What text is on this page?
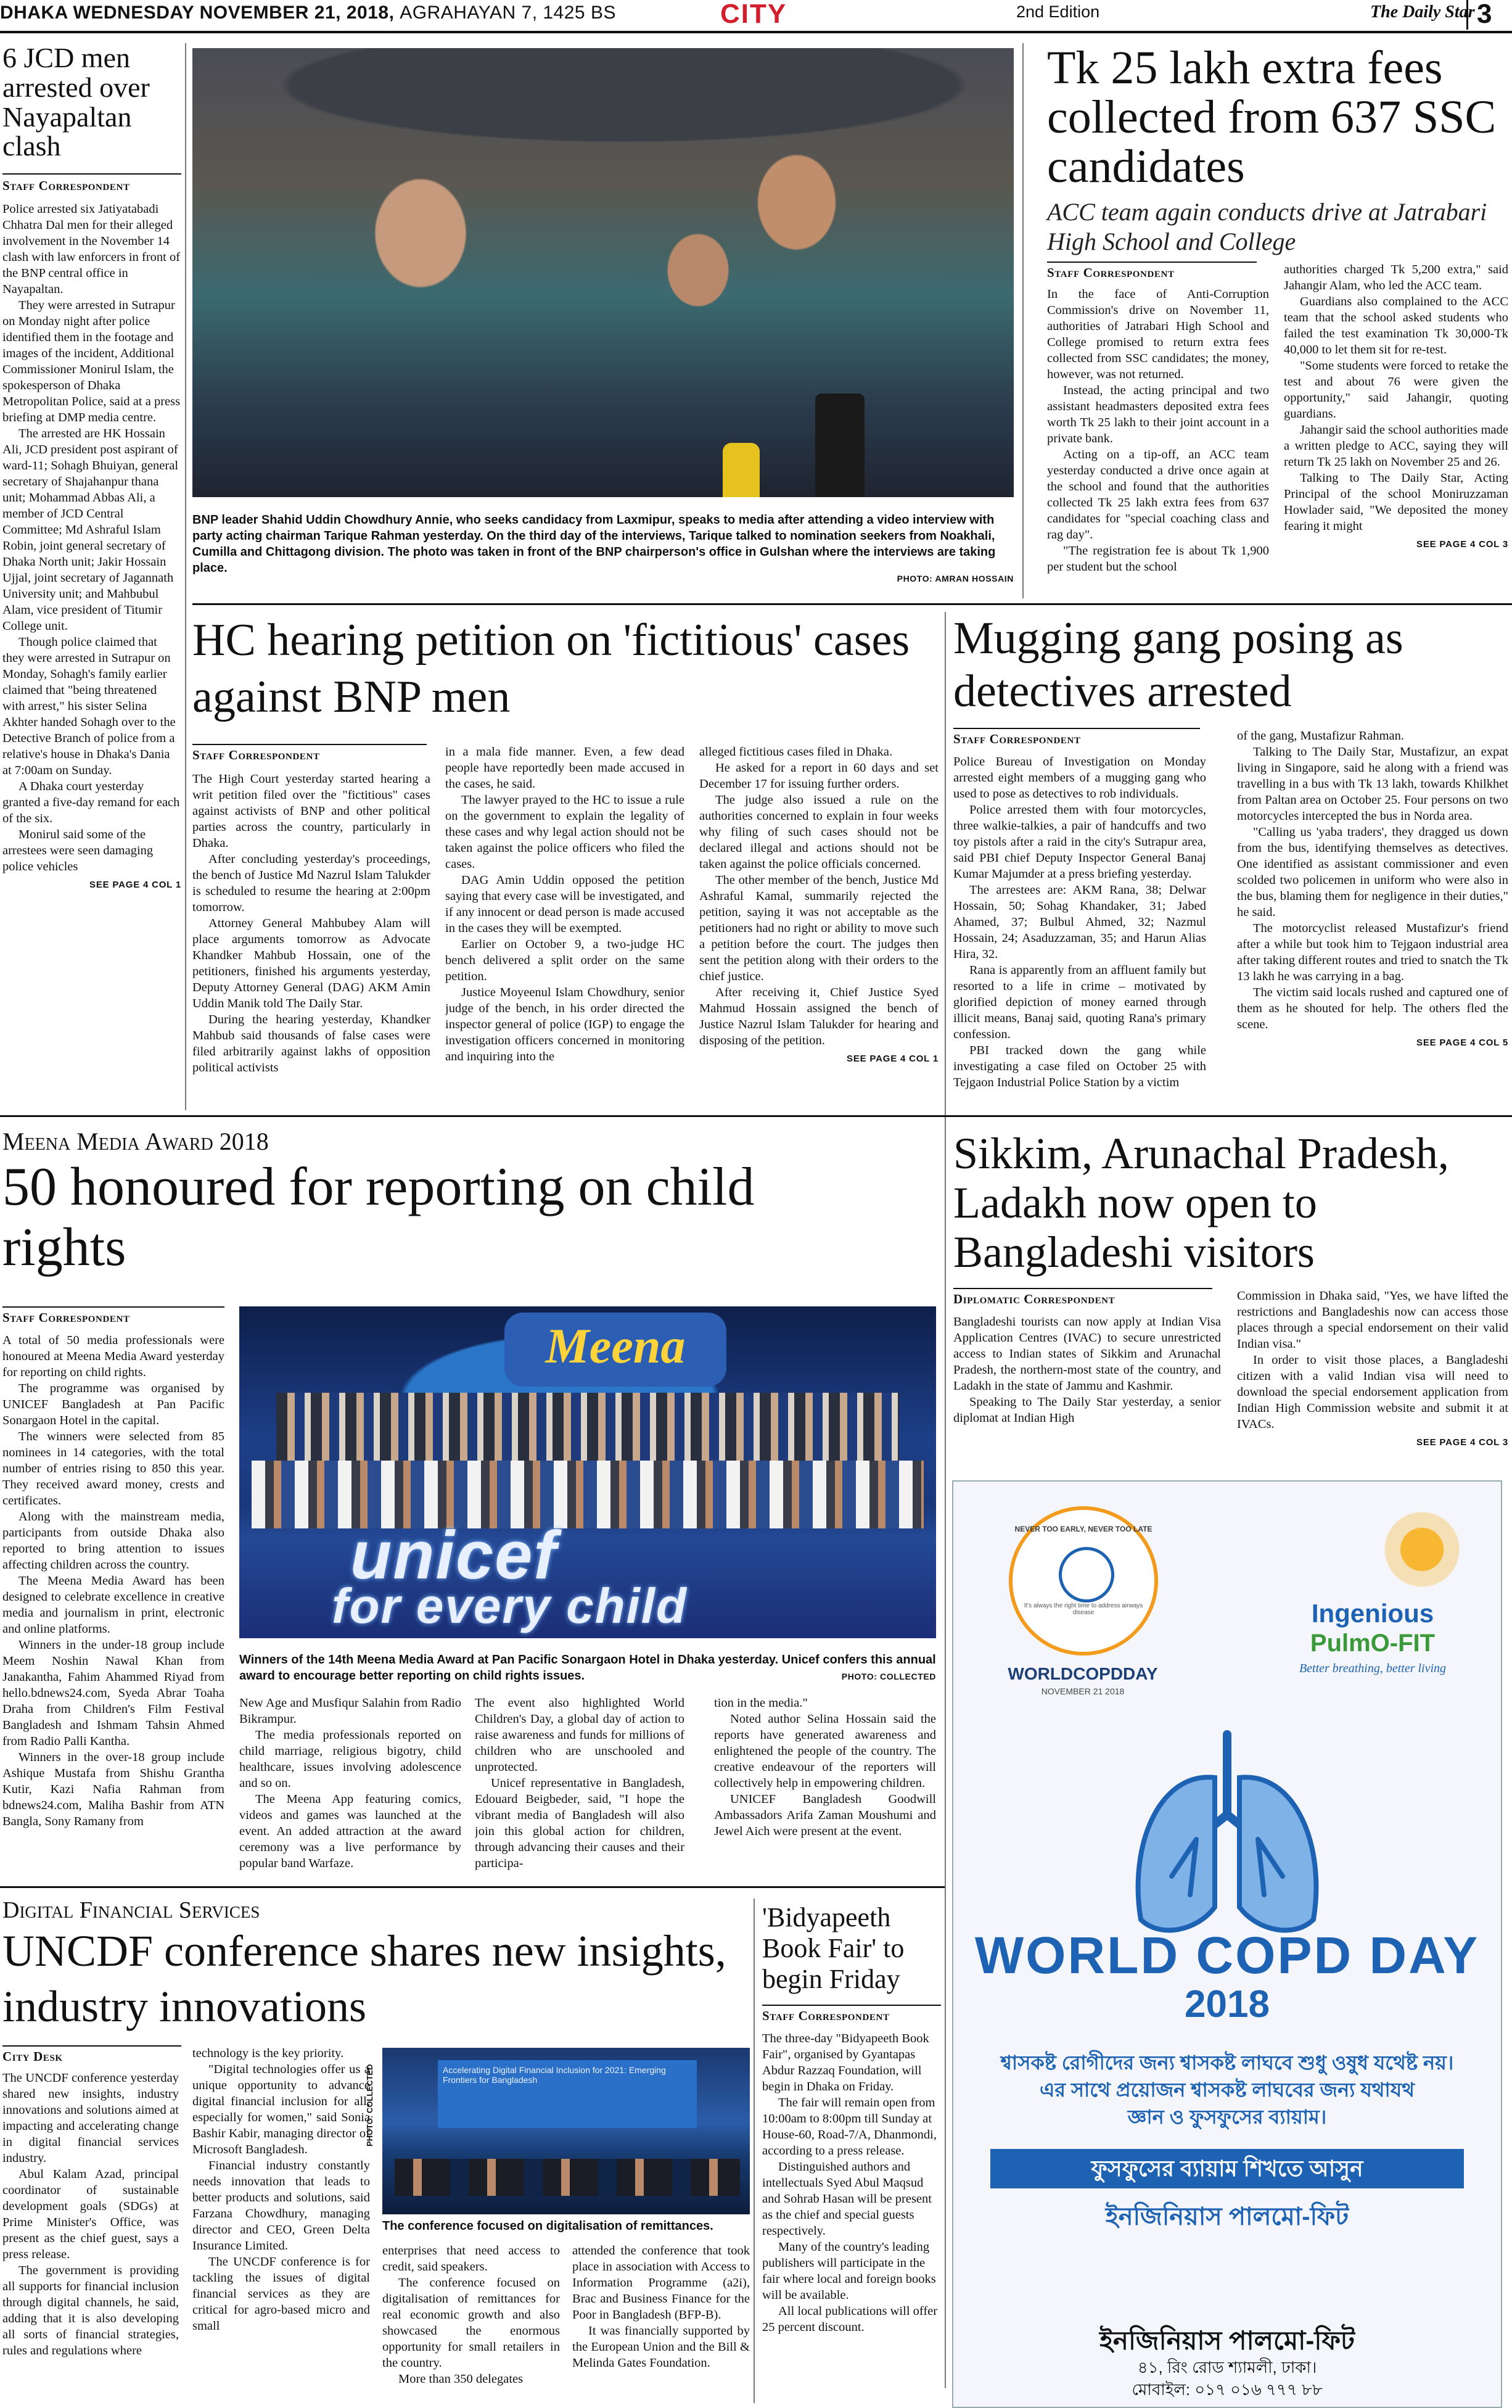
DHAKA WEDNESDAY NOVEMBER 21, 2018, AGRAHAYAN 7, 1425 BS	CITY	2nd Edition	The Daily Star 3
6 JCD men arrested over Nayapaltan clash
Staff Correspondent

Police arrested six Jatiyatabadi Chhatra Dal men for their alleged involvement in the November 14 clash with law enforcers in front of the BNP central office in Nayapaltan.

They were arrested in Sutrapur on Monday night after police identified them in the footage and images of the incident, Additional Commissioner Monirul Islam, the spokesperson of Dhaka Metropolitan Police, said at a press briefing at DMP media centre.

The arrested are HK Hossain Ali, JCD president post aspirant of ward-11; Sohagh Bhuiyan, general secretary of Shajahanpur thana unit; Mohammad Abbas Ali, a member of JCD Central Committee; Md Ashraful Islam Robin, joint general secretary of Dhaka North unit; Jakir Hossain Ujjal, joint secretary of Jagannath University unit; and Mahbubul Alam, vice president of Titumir College unit.

Though police claimed that they were arrested in Sutrapur on Monday, Sohagh's family earlier claimed that "being threatened with arrest," his sister Selina Akhter handed Sohagh over to the Detective Branch of police from a relative's house in Dhaka's Dania at 7:00am on Sunday.

A Dhaka court yesterday granted a five-day remand for each of the six.

Monirul said some of the arrestees were seen damaging police vehicles

SEE PAGE 4 COL 1
BNP leader Shahid Uddin Chowdhury Annie, who seeks candidacy from Laxmipur, speaks to media after attending a video interview with party acting chairman Tarique Rahman yesterday. On the third day of the interviews, Tarique talked to nomination seekers from Noakhali, Cumilla and Chittagong division. The photo was taken in front of the BNP chairperson's office in Gulshan where the interviews are taking place.
PHOTO: AMRAN HOSSAIN
Tk 25 lakh extra fees collected from 637 SSC candidates
ACC team again conducts drive at Jatrabari High School and College
Staff Correspondent

In the face of Anti-Corruption Commission's drive on November 11, authorities of Jatrabari High School and College promised to return extra fees collected from SSC candidates; the money, however, was not returned.

Instead, the acting principal and two assistant headmasters deposited extra fees worth Tk 25 lakh to their joint account in a private bank.

Acting on a tip-off, an ACC team yesterday conducted a drive once again at the school and found that the authorities collected Tk 25 lakh extra fees from 637 candidates for "special coaching class and rag day".

"The registration fee is about Tk 1,900 per student but the school

authorities charged Tk 5,200 extra," said Jahangir Alam, who led the ACC team.

Guardians also complained to the ACC team that the school asked students who failed the test examination Tk 30,000-Tk 40,000 to let them sit for re-test.

"Some students were forced to retake the test and about 76 were given the opportunity," said Jahangir, quoting guardians.

Jahangir said the school authorities made a written pledge to ACC, saying they will return Tk 25 lakh on November 25 and 26.

Talking to The Daily Star, Acting Principal of the school Moniruzzaman Howlader said, "We deposited the money fearing it might

SEE PAGE 4 COL 3
HC hearing petition on 'fictitious' cases against BNP men
Staff Correspondent

The High Court yesterday started hearing a writ petition filed over the "fictitious" cases against activists of BNP and other political parties across the country, particularly in Dhaka.

After concluding yesterday's proceedings, the bench of Justice Md Nazrul Islam Talukder is scheduled to resume the hearing at 2:00pm tomorrow.

Attorney General Mahbubey Alam will place arguments tomorrow as Advocate Khandker Mahbub Hossain, one of the petitioners, finished his arguments yesterday, Deputy Attorney General (DAG) AKM Amin Uddin Manik told The Daily Star.

During the hearing yesterday, Khandker Mahbub said thousands of false cases were filed arbitrarily against lakhs of opposition political activists

in a mala fide manner. Even, a few dead people have reportedly been made accused in the cases, he said.

The lawyer prayed to the HC to issue a rule on the government to explain the legality of these cases and why legal action should not be taken against the police officers who filed the cases.

DAG Amin Uddin opposed the petition saying that every case will be investigated, and if any innocent or dead person is made accused in the cases they will be exempted.

Earlier on October 9, a two-judge HC bench delivered a split order on the same petition.

Justice Moyeenul Islam Chowdhury, senior judge of the bench, in his order directed the inspector general of police (IGP) to engage the investigation officers concerned in monitoring and inquiring into the

alleged fictitious cases filed in Dhaka.

He asked for a report in 60 days and set December 17 for issuing further orders.

The judge also issued a rule on the authorities concerned to explain in four weeks why filing of such cases should not be declared illegal and actions should not be taken against the police officials concerned.

The other member of the bench, Justice Md Ashraful Kamal, summarily rejected the petition, saying it was not acceptable as the petitioners had no right or ability to move such a petition before the court. The judges then sent the petition along with their orders to the chief justice.

After receiving it, Chief Justice Syed Mahmud Hossain assigned the bench of Justice Nazrul Islam Talukder for hearing and disposing of the petition.

SEE PAGE 4 COL 1
Mugging gang posing as detectives arrested
Staff Correspondent

Police Bureau of Investigation on Monday arrested eight members of a mugging gang who used to pose as detectives to rob individuals.

Police arrested them with four motorcycles, three walkie-talkies, a pair of handcuffs and two toy pistols after a raid in the city's Sutrapur area, said PBI chief Deputy Inspector General Banaj Kumar Majumder at a press briefing yesterday.

The arrestees are: AKM Rana, 38; Delwar Hossain, 50; Sohag Khandaker, 31; Jabed Ahamed, 37; Bulbul Ahmed, 32; Nazmul Hossain, 24; Asaduzzaman, 35; and Harun Alias Hira, 32.

Rana is apparently from an affluent family but resorted to a life in crime – motivated by glorified depiction of money earned through illicit means, Banaj said, quoting Rana's primary confession.

PBI tracked down the gang while investigating a case filed on October 25 with Tejgaon Industrial Police Station by a victim

of the gang, Mustafizur Rahman.

Talking to The Daily Star, Mustafizur, an expat living in Singapore, said he along with a friend was travelling in a bus with Tk 13 lakh, towards Khilkhet from Paltan area on October 25. Four persons on two motorcycles intercepted the bus in Norda area.

"Calling us 'yaba traders', they dragged us down from the bus, identifying themselves as detectives. One identified as assistant commissioner and even scolded two policemen in uniform who were also in the bus, blaming them for negligence in their duties," he said.

The motorcyclist released Mustafizur's friend after a while but took him to Tejgaon industrial area after taking different routes and tried to snatch the Tk 13 lakh he was carrying in a bag.

The victim said locals rushed and captured one of them as he shouted for help. The others fled the scene.

SEE PAGE 4 COL 5
Meena Media Award 2018
50 honoured for reporting on child rights
Staff Correspondent

A total of 50 media professionals were honoured at Meena Media Award yesterday for reporting on child rights.

The programme was organised by UNICEF Bangladesh at Pan Pacific Sonargaon Hotel in the capital.

The winners were selected from 85 nominees in 14 categories, with the total number of entries rising to 850 this year. They received award money, crests and certificates.

Along with the mainstream media, participants from outside Dhaka also reported to bring attention to issues affecting children across the country.

The Meena Media Award has been designed to celebrate excellence in creative media and journalism in print, electronic and online platforms.

Winners in the under-18 group include Meem Noshin Nawal Khan from Janakantha, Fahim Ahammed Riyad from hello.bdnews24.com, Syeda Abrar Toaha Draha from Children's Film Festival Bangladesh and Ishmam Tahsin Ahmed from Radio Palli Kantha.

Winners in the over-18 group include Ashique Mustafa from Shishu Grantha Kutir, Kazi Nafia Rahman from bdnews24.com, Maliha Bashir from ATN Bangla, Sony Ramany from

Meena
unicef
for every child
Winners of the 14th Meena Media Award at Pan Pacific Sonargaon Hotel in Dhaka yesterday. Unicef confers this annual award to encourage better reporting on child rights issues.	PHOTO: COLLECTED

New Age and Musfiqur Salahin from Radio Bikrampur.

The media professionals reported on child marriage, religious bigotry, child healthcare, issues involving adolescence and so on.

The Meena App featuring comics, videos and games was launched at the event. An added attraction at the award ceremony was a live performance by popular band Warfaze.

The event also highlighted World Children's Day, a global day of action to raise awareness and funds for millions of children who are unschooled and unprotected.

Unicef representative in Bangladesh, Edouard Beigbeder, said, "I hope the vibrant media of Bangladesh will also join this global action for children, through advancing their causes and their participa-

tion in the media."

Noted author Selina Hossain said the reports have generated awareness and enlightened the people of the country. The creative endeavour of the reporters will collectively help in empowering children.

UNICEF Bangladesh Goodwill Ambassadors Arifa Zaman Moushumi and Jewel Aich were present at the event.

Sikkim, Arunachal Pradesh, Ladakh now open to Bangladeshi visitors
Diplomatic Correspondent

Bangladeshi tourists can now apply at Indian Visa Application Centres (IVAC) to secure unrestricted access to Indian states of Sikkim and Arunachal Pradesh, the northern-most state of the country, and Ladakh in the state of Jammu and Kashmir.

Speaking to The Daily Star yesterday, a senior diplomat at Indian High

Commission in Dhaka said, "Yes, we have lifted the restrictions and Bangladeshis now can access those places through a special endorsement on their valid Indian visa."

In order to visit those places, a Bangladeshi citizen with a valid Indian visa will need to download the special endorsement application from Indian High Commission website and submit it at IVACs.

SEE PAGE 4 COL 3
NEVER TOO EARLY, NEVER TOO LATE
It's always the right time to address airways disease
WORLDCOPDDAY
NOVEMBER 21 2018
Ingenious
PulmO-FIT
Better breathing, better living
WORLD COPD DAY
2018
শ্বাসকষ্ট রোগীদের জন্য শ্বাসকষ্ট লাঘবে শুধু ওষুধ যথেষ্ট নয়।
এর সাথে প্রয়োজন শ্বাসকষ্ট লাঘবের জন্য যথাযথ
জ্ঞান ও ফুসফুসের ব্যায়াম।
ফুসফুসের ব্যায়াম শিখতে আসুন
ইনজিনিয়াস পালমো-ফিট
ইনজিনিয়াস পালমো-ফিট
৪১, রিং রোড শ্যামলী, ঢাকা।
মোবাইল: ০১৭ ০১৬ ৭৭৭ ৮৮
Digital Financial Services
UNCDF conference shares new insights, industry innovations
City Desk

The UNCDF conference yesterday shared new insights, industry innovations and solutions aimed at impacting and accelerating change in digital financial services industry.

Abul Kalam Azad, principal coordinator of sustainable development goals (SDGs) at Prime Minister's Office, was present as the chief guest, says a press release.

The government is providing all supports for financial inclusion through digital channels, he said, adding that it is also developing all sorts of financial strategies, rules and regulations where

technology is the key priority.

"Digital technologies offer us a unique opportunity to advance digital financial inclusion for all, especially for women," said Sonia Bashir Kabir, managing director of Microsoft Bangladesh.

Financial industry constantly needs innovation that leads to better products and solutions, said Farzana Chowdhury, managing director and CEO, Green Delta Insurance Limited.

The UNCDF conference is for tackling the issues of digital financial services as they are critical for agro-based micro and small

Accelerating Digital Financial Inclusion for 2021: Emerging Frontiers for Bangladesh
PHOTO: COLLECTED
The conference focused on digitalisation of remittances.

enterprises that need access to credit, said speakers.

The conference focused on digitalisation of remittances for real economic growth and also showcased the enormous opportunity for small retailers in the country.

More than 350 delegates

attended the conference that took place in association with Access to Information Programme (a2i), Brac and Business Finance for the Poor in Bangladesh (BFP-B).

It was financially supported by the European Union and the Bill & Melinda Gates Foundation.

'Bidyapeeth Book Fair' to begin Friday
Staff Correspondent

The three-day "Bidyapeeth Book Fair", organised by Gyantapas Abdur Razzaq Foundation, will begin in Dhaka on Friday.

The fair will remain open from 10:00am to 8:00pm till Sunday at House-60, Road-7/A, Dhanmondi, according to a press release.

Distinguished authors and intellectuals Syed Abul Maqsud and Sohrab Hasan will be present as the chief and special guests respectively.

Many of the country's leading publishers will participate in the fair where local and foreign books will be available.

All local publications will offer 25 percent discount.
